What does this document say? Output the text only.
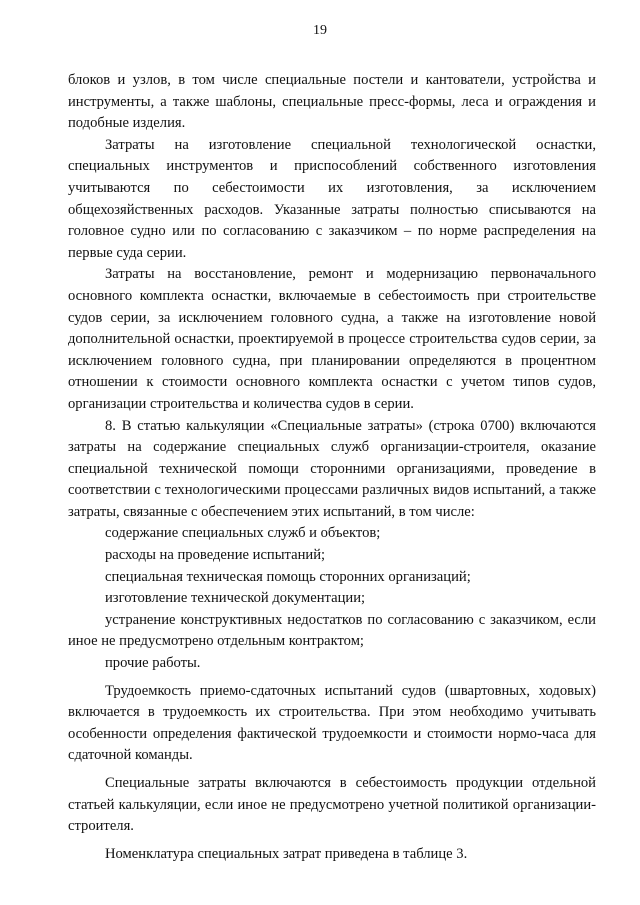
19

блоков и узлов, в том числе специальные постели и кантователи, устройства и инструменты, а также шаблоны, специальные пресс-формы, леса и ограждения и подобные изделия.

Затраты на изготовление специальной технологической оснастки, специальных инструментов и приспособлений собственного изготовления учитываются по себестоимости их изготовления, за исключением общехозяйственных расходов. Указанные затраты полностью списываются на головное судно или по согласованию с заказчиком – по норме распределения на первые суда серии.

Затраты на восстановление, ремонт и модернизацию первоначального основного комплекта оснастки, включаемые в себестоимость при строительстве судов серии, за исключением головного судна, а также на изготовление новой дополнительной оснастки, проектируемой в процессе строительства судов серии, за исключением головного судна, при планировании определяются в процентном отношении к стоимости основного комплекта оснастки с учетом типов судов, организации строительства и количества судов в серии.

8. В статью калькуляции «Специальные затраты» (строка 0700) включаются затраты на содержание специальных служб организации-строителя, оказание специальной технической помощи сторонними организациями, проведение в соответствии с технологическими процессами различных видов испытаний, а также затраты, связанные с обеспечением этих испытаний, в том числе:

содержание специальных служб и объектов;

расходы на проведение испытаний;

специальная техническая помощь сторонних организаций;

изготовление технической документации;

устранение конструктивных недостатков по согласованию с заказчиком, если иное не предусмотрено отдельным контрактом;

прочие работы.

Трудоемкость приемо-сдаточных испытаний судов (швартовных, ходовых) включается в трудоемкость их строительства. При этом необходимо учитывать особенности определения фактической трудоемкости и стоимости нормо-часа для сдаточной команды.

Специальные затраты включаются в себестоимость продукции отдельной статьей калькуляции, если иное не предусмотрено учетной политикой организации-строителя.

Номенклатура специальных затрат приведена в таблице 3.
